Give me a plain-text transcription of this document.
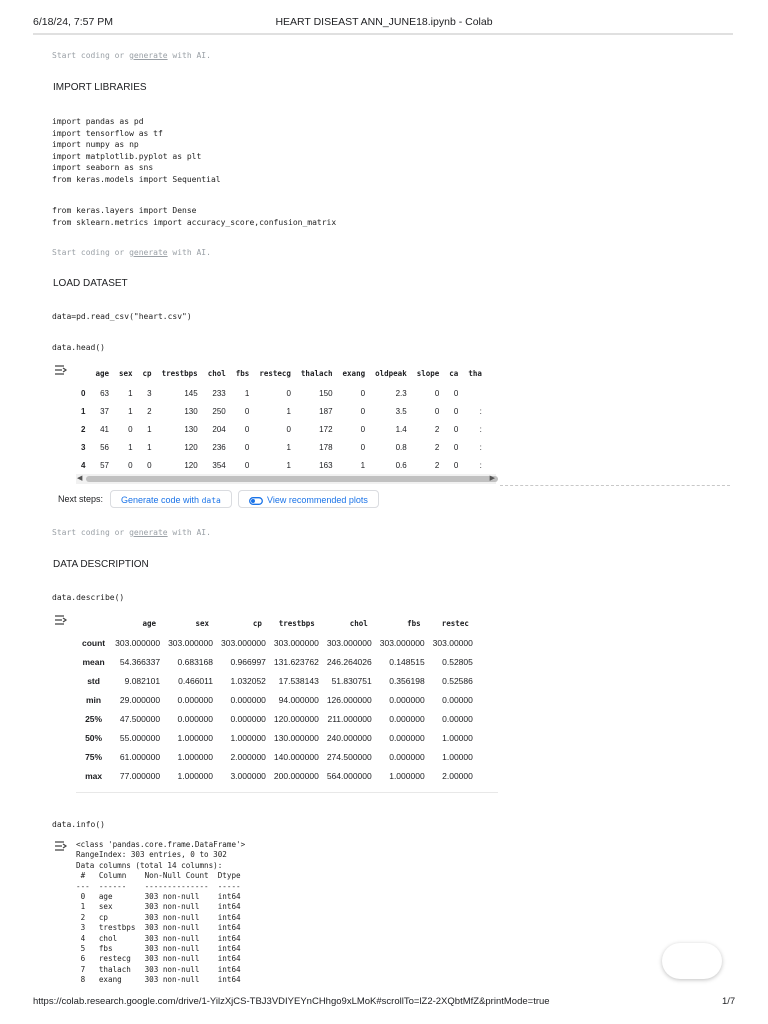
6/18/24, 7:57 PM	HEART DISEAST ANN_JUNE18.ipynb - Colab
Start coding or generate with AI.
IMPORT LIBRARIES
import pandas as pd
import tensorflow as tf
import numpy as np
import matplotlib.pyplot as plt
import seaborn as sns
from keras.models import Sequential
from keras.layers import Dense
from sklearn.metrics import accuracy_score,confusion_matrix
Start coding or generate with AI.
LOAD DATASET
data=pd.read_csv("heart.csv")
data.head()
	age	sex	cp	trestbps	chol	fbs	restecg	thalach	exang	oldpeak	slope	ca	tha
0	63	1	3	145	233	1	0	150	0	2.3	0	0	
1	37	1	2	130	250	0	1	187	0	3.5	0	0	:
2	41	0	1	130	204	0	0	172	0	1.4	2	0	:
3	56	1	1	120	236	0	1	178	0	0.8	2	0	:
4	57	0	0	120	354	0	1	163	1	0.6	2	0	:
◀	▶
Next steps:	Generate code with data	View recommended plots
Start coding or generate with AI.
DATA DESCRIPTION
data.describe()
	age	sex	cp	trestbps	chol	fbs	restec
count	303.000000	303.000000	303.000000	303.000000	303.000000	303.000000	303.00000
mean	54.366337	0.683168	0.966997	131.623762	246.264026	0.148515	0.52805
std	9.082101	0.466011	1.032052	17.538143	51.830751	0.356198	0.52586
min	29.000000	0.000000	0.000000	94.000000	126.000000	0.000000	0.00000
25%	47.500000	0.000000	0.000000	120.000000	211.000000	0.000000	0.00000
50%	55.000000	1.000000	1.000000	130.000000	240.000000	0.000000	1.00000
75%	61.000000	1.000000	2.000000	140.000000	274.500000	0.000000	1.00000
max	77.000000	1.000000	3.000000	200.000000	564.000000	1.000000	2.00000
data.info()
<class 'pandas.core.frame.DataFrame'>
RangeIndex: 303 entries, 0 to 302
Data columns (total 14 columns):
#   Column    Non-Null Count  Dtype
---  ------    --------------  -----
0   age       303 non-null    int64
1   sex       303 non-null    int64
2   cp        303 non-null    int64
3   trestbps  303 non-null    int64
4   chol      303 non-null    int64
5   fbs       303 non-null    int64
6   restecg   303 non-null    int64
7   thalach   303 non-null    int64
8   exang     303 non-null    int64
https://colab.research.google.com/drive/1-YilzXjCS-TBJ3VDIYEYnCHhgo9xLMoK#scrollTo=lZ2-2XQbtMfZ&printMode=true	1/7
